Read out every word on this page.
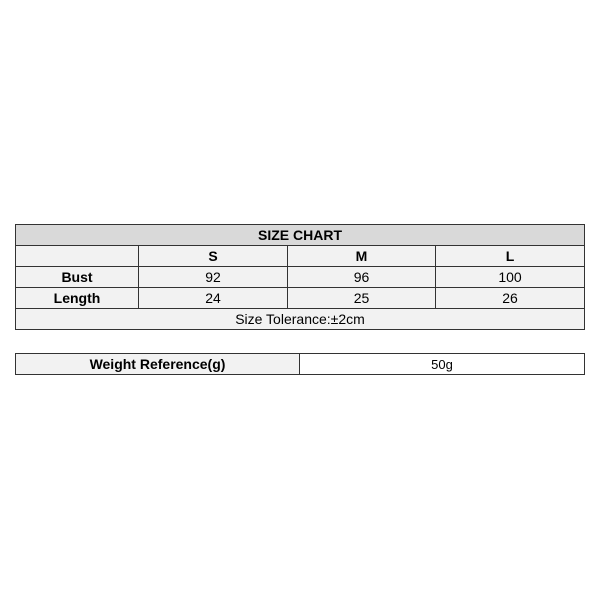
SIZE CHART			
	S	M	L
Bust	92	96	100
Length	24	25	26
Size Tolerance:±2cm			
Weight Reference(g)	50g
